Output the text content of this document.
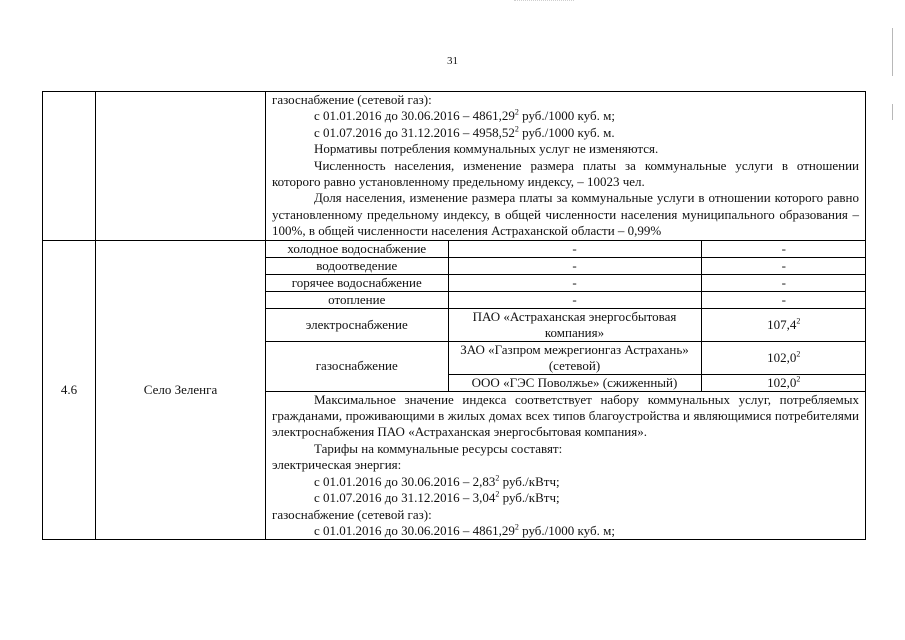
31

газоснабжение (сетевой газ):

с 01.01.2016 до 30.06.2016 – 4861,29$^2$ руб./1000 куб. м;

с 01.07.2016 до 31.12.2016 – 4958,52$^2$ руб./1000 куб. м.

Нормативы потребления коммунальных услуг не изменяются.

Численность населения, изменение размера платы за коммунальные услуги в отношении которого равно установленному предельному индексу, – 10023 чел.

Доля населения, изменение размера платы за коммунальные услуги в отношении которого равно установленному предельному индексу, в общей численности населения муниципального образования – 100%, в общей численности населения Астраханской области – 0,99%

4.6	Село Зеленга	
холодное водоснабжение	-	-
водоотведение	-	-
горячее водоснабжение	-	-
отопление	-	-
электроснабжение	ПАО «Астраханская энергосбытовая компания»	107,4$^2$
газоснабжение	ЗАО «Газпром межрегионгаз Астрахань» (сетевой)	102,0$^2$
ООО «ГЭС Поволжье» (сжиженный)	102,0$^2$

Максимальное значение индекса соответствует набору коммунальных услуг, потребляемых гражданами, проживающими в жилых домах всех типов благоустройства и являющимися потребителями электроснабжения ПАО «Астраханская энергосбытовая компания».

Тарифы на коммунальные ресурсы составят:

электрическая энергия:

с 01.01.2016 до 30.06.2016 – 2,83$^2$ руб./кВтч;

с 01.07.2016 до 31.12.2016 – 3,04$^2$ руб./кВтч;

газоснабжение (сетевой газ):

с 01.01.2016 до 30.06.2016 – 4861,29$^2$ руб./1000 куб. м;
